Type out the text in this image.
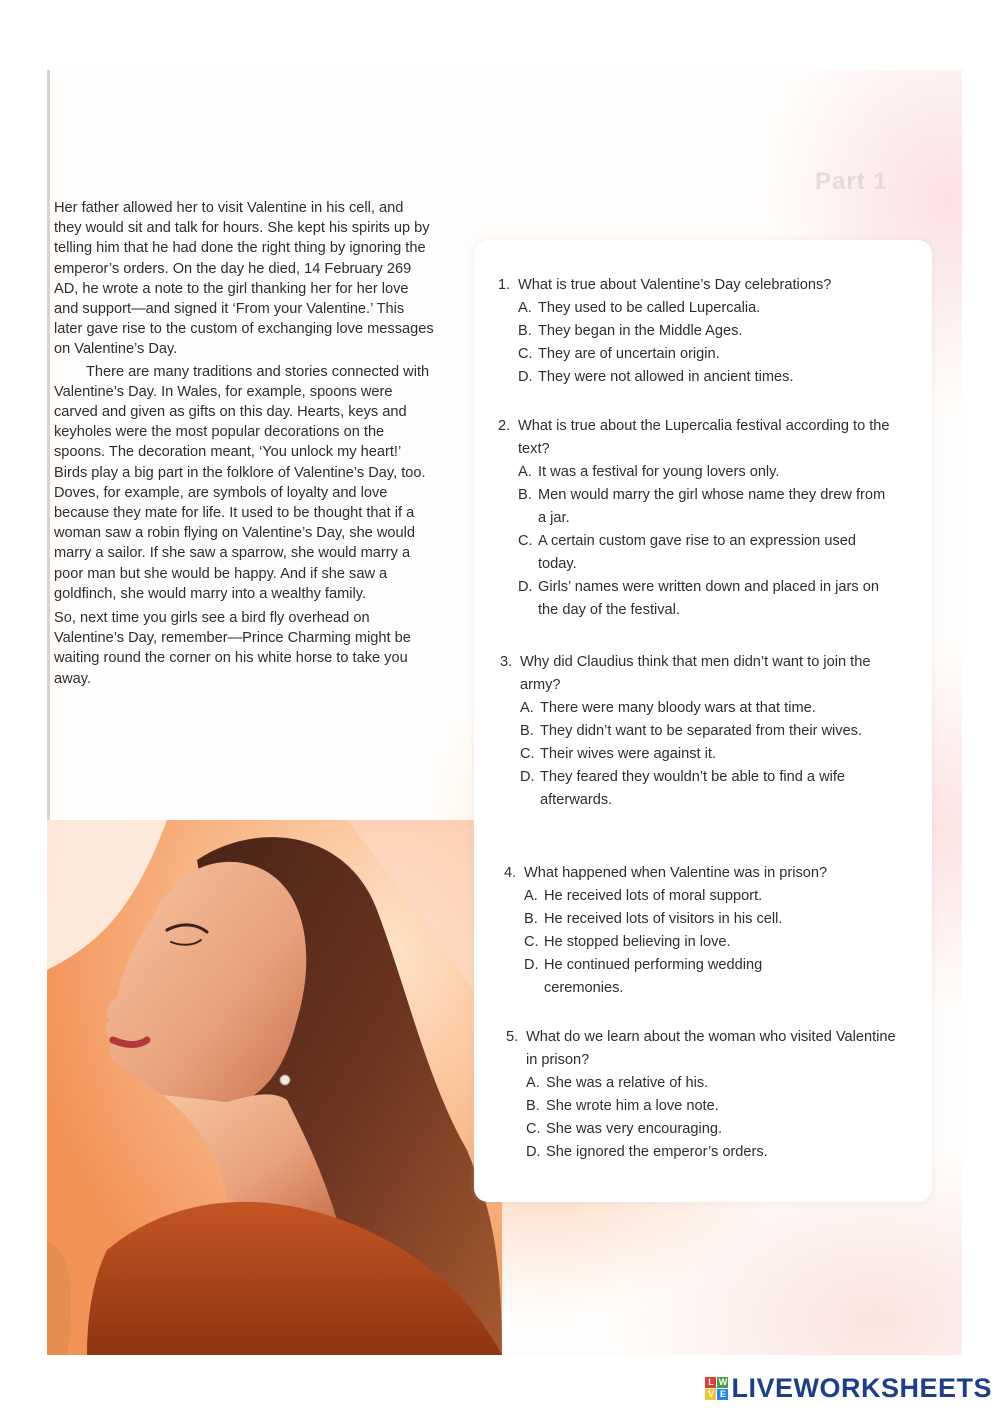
Part 1

Her father allowed her to visit Valentine in his cell, and they would sit and talk for hours. She kept his spirits up by telling him that he had done the right thing by ignoring the emperor’s orders. On the day he died, 14 February 269 AD, he wrote a note to the girl thanking her for her love and support—and signed it ‘From your Valentine.’ This later gave rise to the custom of exchanging love messages on Valentine’s Day.

There are many traditions and stories connected with Valentine’s Day. In Wales, for example, spoons were carved and given as gifts on this day. Hearts, keys and keyholes were the most popular decorations on the spoons. The decoration meant, ‘You unlock my heart!’ Birds play a big part in the folklore of Valentine’s Day, too. Doves, for example, are symbols of loyalty and love because they mate for life. It used to be thought that if a woman saw a robin flying on Valentine’s Day, she would marry a sailor. If she saw a sparrow, she would marry a poor man but she would be happy. And if she saw a goldfinch, she would marry into a wealthy family.

So, next time you girls see a bird fly overhead on Valentine’s Day, remember—Prince Charming might be waiting round the corner on his white horse to take you away.

1. What is true about Valentine’s Day celebrations?
A. They used to be called Lupercalia.
B. They began in the Middle Ages.
C. They are of uncertain origin.
D. They were not allowed in ancient times.
2. What is true about the Lupercalia festival according to the text?
A. It was a festival for young lovers only.
B. Men would marry the girl whose name they drew from a jar.
C. A certain custom gave rise to an expression used today.
D. Girls’ names were written down and placed in jars on the day of the festival.
3. Why did Claudius think that men didn’t want to join the army?
A. There were many bloody wars at that time.
B. They didn’t want to be separated from their wives.
C. Their wives were against it.
D. They feared they wouldn’t be able to find a wife afterwards.
4. What happened when Valentine was in prison?
A. He received lots of moral support.
B. He received lots of visitors in his cell.
C. He stopped believing in love.
D. He continued performing wedding ceremonies.
5. What do we learn about the woman who visited Valentine in prison?
A. She was a relative of his.
B. She wrote him a love note.
C. She was very encouraging.
D. She ignored the emperor’s orders.
L W
V E LIVEWORKSHEETS
